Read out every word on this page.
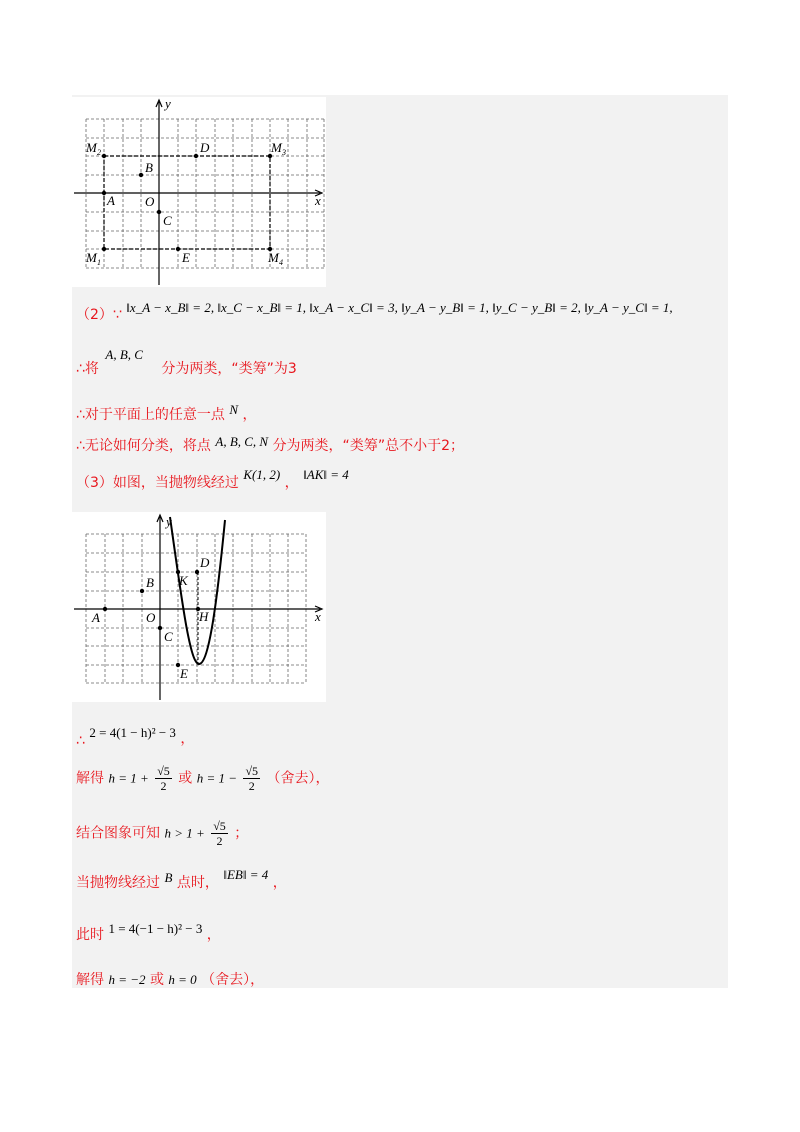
y
x
O
A
B
C
D
E
M 2	M 3
M 1	M 4
（2）∵ ‖x_A − x_B‖ = 2, ‖x_C − x_B‖ = 1, ‖x_A − x_C‖ = 3, ‖y_A − y_B‖ = 1, ‖y_C − y_B‖ = 2, ‖y_A − y_C‖ = 1,
∴将 A, B, C 分为两类，“类筹”为3
∴对于平面上的任意一点 N ，
∴无论如何分类，将点 A, B, C, N 分为两类，“类筹”总不小于2；
（3）如图，当抛物线经过 K(1, 2) ， ‖AK‖ = 4
y
x
O
A
B
C
D
E
K
H
∴ 2 = 4(1 − h)² − 3 ，
解得 $h = 1 + \frac{√5}{2}$ 或 $h = 1 - \frac{√5}{2}$ （舍去），
结合图象可知 $h > 1 + \frac{√5}{2}$ ；
当抛物线经过 B 点时， ‖EB‖ = 4 ，
此时 1 = 4(−1 − h)² − 3 ，
解得 h = −2 或 h = 0 （舍去），
